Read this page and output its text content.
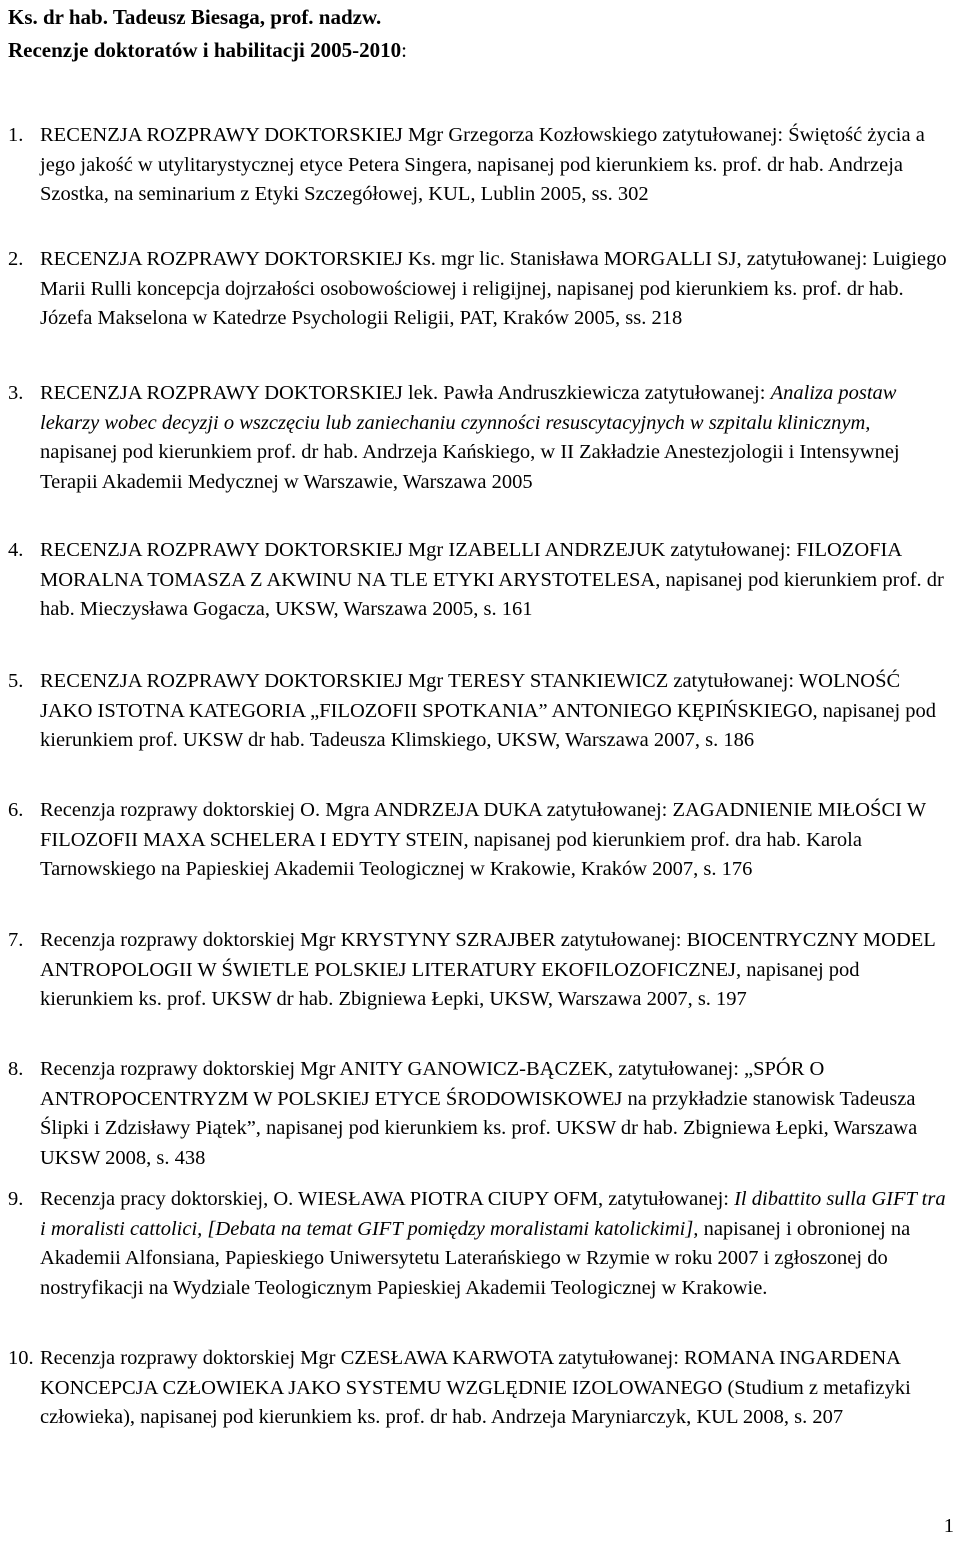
Ks. dr hab. Tadeusz Biesaga, prof. nadzw.
Recenzje doktoratów i habilitacji 2005-2010:
1. RECENZJA ROZPRAWY DOKTORSKIEJ Mgr Grzegorza Kozłowskiego zatytułowanej: Świętość życia a jego jakość w utylitarystycznej etyce Petera Singera, napisanej pod kierunkiem ks. prof. dr hab. Andrzeja Szostka, na seminarium z Etyki Szczegółowej, KUL, Lublin 2005, ss. 302
2. RECENZJA ROZPRAWY DOKTORSKIEJ Ks. mgr lic. Stanisława MORGALLI SJ, zatytułowanej: Luigiego Marii Rulli koncepcja dojrzałości osobowościowej i religijnej, napisanej pod kierunkiem ks. prof. dr hab. Józefa Makselona w Katedrze Psychologii Religii, PAT, Kraków 2005, ss. 218
3. RECENZJA ROZPRAWY DOKTORSKIEJ lek. Pawła Andruszkiewicza zatytułowanej: Analiza postaw lekarzy wobec decyzji o wszczęciu lub zaniechaniu czynności resuscytacyjnych w szpitalu klinicznym, napisanej pod kierunkiem prof. dr hab. Andrzeja Kańskiego, w II Zakładzie Anestezjologii i Intensywnej Terapii Akademii Medycznej w Warszawie, Warszawa 2005
4. RECENZJA ROZPRAWY DOKTORSKIEJ Mgr IZABELLI ANDRZEJUK zatytułowanej: FILOZOFIA MORALNA TOMASZA Z AKWINU NA TLE ETYKI ARYSTOTELESA, napisanej pod kierunkiem prof. dr hab. Mieczysława Gogacza, UKSW, Warszawa 2005, s. 161
5. RECENZJA ROZPRAWY DOKTORSKIEJ Mgr TERESY STANKIEWICZ zatytułowanej: WOLNOŚĆ JAKO ISTOTNA KATEGORIA „FILOZOFII SPOTKANIA” ANTONIEGO KĘPIŃSKIEGO, napisanej pod kierunkiem prof. UKSW dr hab. Tadeusza Klimskiego, UKSW, Warszawa 2007, s. 186
6. Recenzja rozprawy doktorskiej O. Mgra ANDRZEJA DUKA zatytułowanej: ZAGADNIENIE MIŁOŚCI W FILOZOFII MAXA SCHELERA I EDYTY STEIN, napisanej pod kierunkiem prof. dra hab. Karola Tarnowskiego na Papieskiej Akademii Teologicznej w Krakowie, Kraków 2007, s. 176
7. Recenzja rozprawy doktorskiej Mgr KRYSTYNY SZRAJBER zatytułowanej: BIOCENTRYCZNY MODEL ANTROPOLOGII W ŚWIETLE POLSKIEJ LITERATURY EKOFILOZOFICZNEJ, napisanej pod kierunkiem ks. prof. UKSW dr hab. Zbigniewa Łepki, UKSW, Warszawa 2007, s. 197
8. Recenzja rozprawy doktorskiej Mgr ANITY GANOWICZ-BĄCZEK, zatytułowanej: „SPÓR O ANTROPOCENTRYZM W POLSKIEJ ETYCE ŚRODOWISKOWEJ na przykładzie stanowisk Tadeusza Ślipki i Zdzisławy Piątek”, napisanej pod kierunkiem ks. prof. UKSW dr hab. Zbigniewa Łepki, Warszawa UKSW 2008, s. 438
9. Recenzja pracy doktorskiej, O. WIESŁAWA PIOTRA CIUPY OFM, zatytułowanej: Il dibattito sulla GIFT tra i moralisti cattolici, [Debata na temat GIFT pomiędzy moralistami katolickimi], napisanej i obronionej na Akademii Alfonsiana, Papieskiego Uniwersytetu Laterańskiego w Rzymie w roku 2007 i zgłoszonej do nostryfikacji na Wydziale Teologicznym Papieskiej Akademii Teologicznej w Krakowie.
10. Recenzja rozprawy doktorskiej Mgr CZESŁAWA KARWOTA zatytułowanej: ROMANA INGARDENA KONCEPCJA CZŁOWIEKA JAKO SYSTEMU WZGLĘDNIE IZOLOWANEGO (Studium z metafizyki człowieka), napisanej pod kierunkiem ks. prof. dr hab. Andrzeja Maryniarczyk, KUL 2008, s. 207
1
